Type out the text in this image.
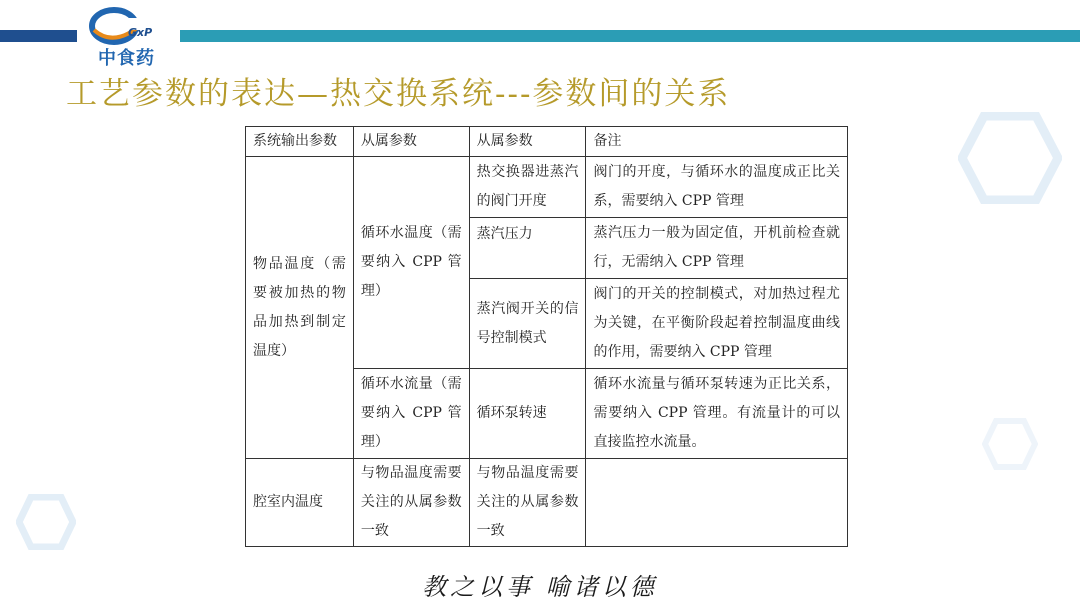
GxP
中食药
工艺参数的表达—热交换系统---参数间的关系
系统输出参数	从属参数	从属参数	备注
物品温度（需要被加热的物品加热到制定温度）	循环水温度（需要纳入 CPP 管理）	热交换器进蒸汽的阀门开度	阀门的开度，与循环水的温度成正比关系，需要纳入 CPP 管理
		蒸汽压力	蒸汽压力一般为固定值，开机前检查就行，无需纳入 CPP 管理
		蒸汽阀开关的信号控制模式	阀门的开关的控制模式，对加热过程尤为关键，在平衡阶段起着控制温度曲线的作用，需要纳入 CPP 管理
	循环水流量（需要纳入 CPP 管理）	循环泵转速	循环水流量与循环泵转速为正比关系，需要纳入 CPP 管理。有流量计的可以直接监控水流量。
腔室内温度	与物品温度需要关注的从属参数一致	与物品温度需要关注的从属参数一致	
教之以事 喻诸以德
